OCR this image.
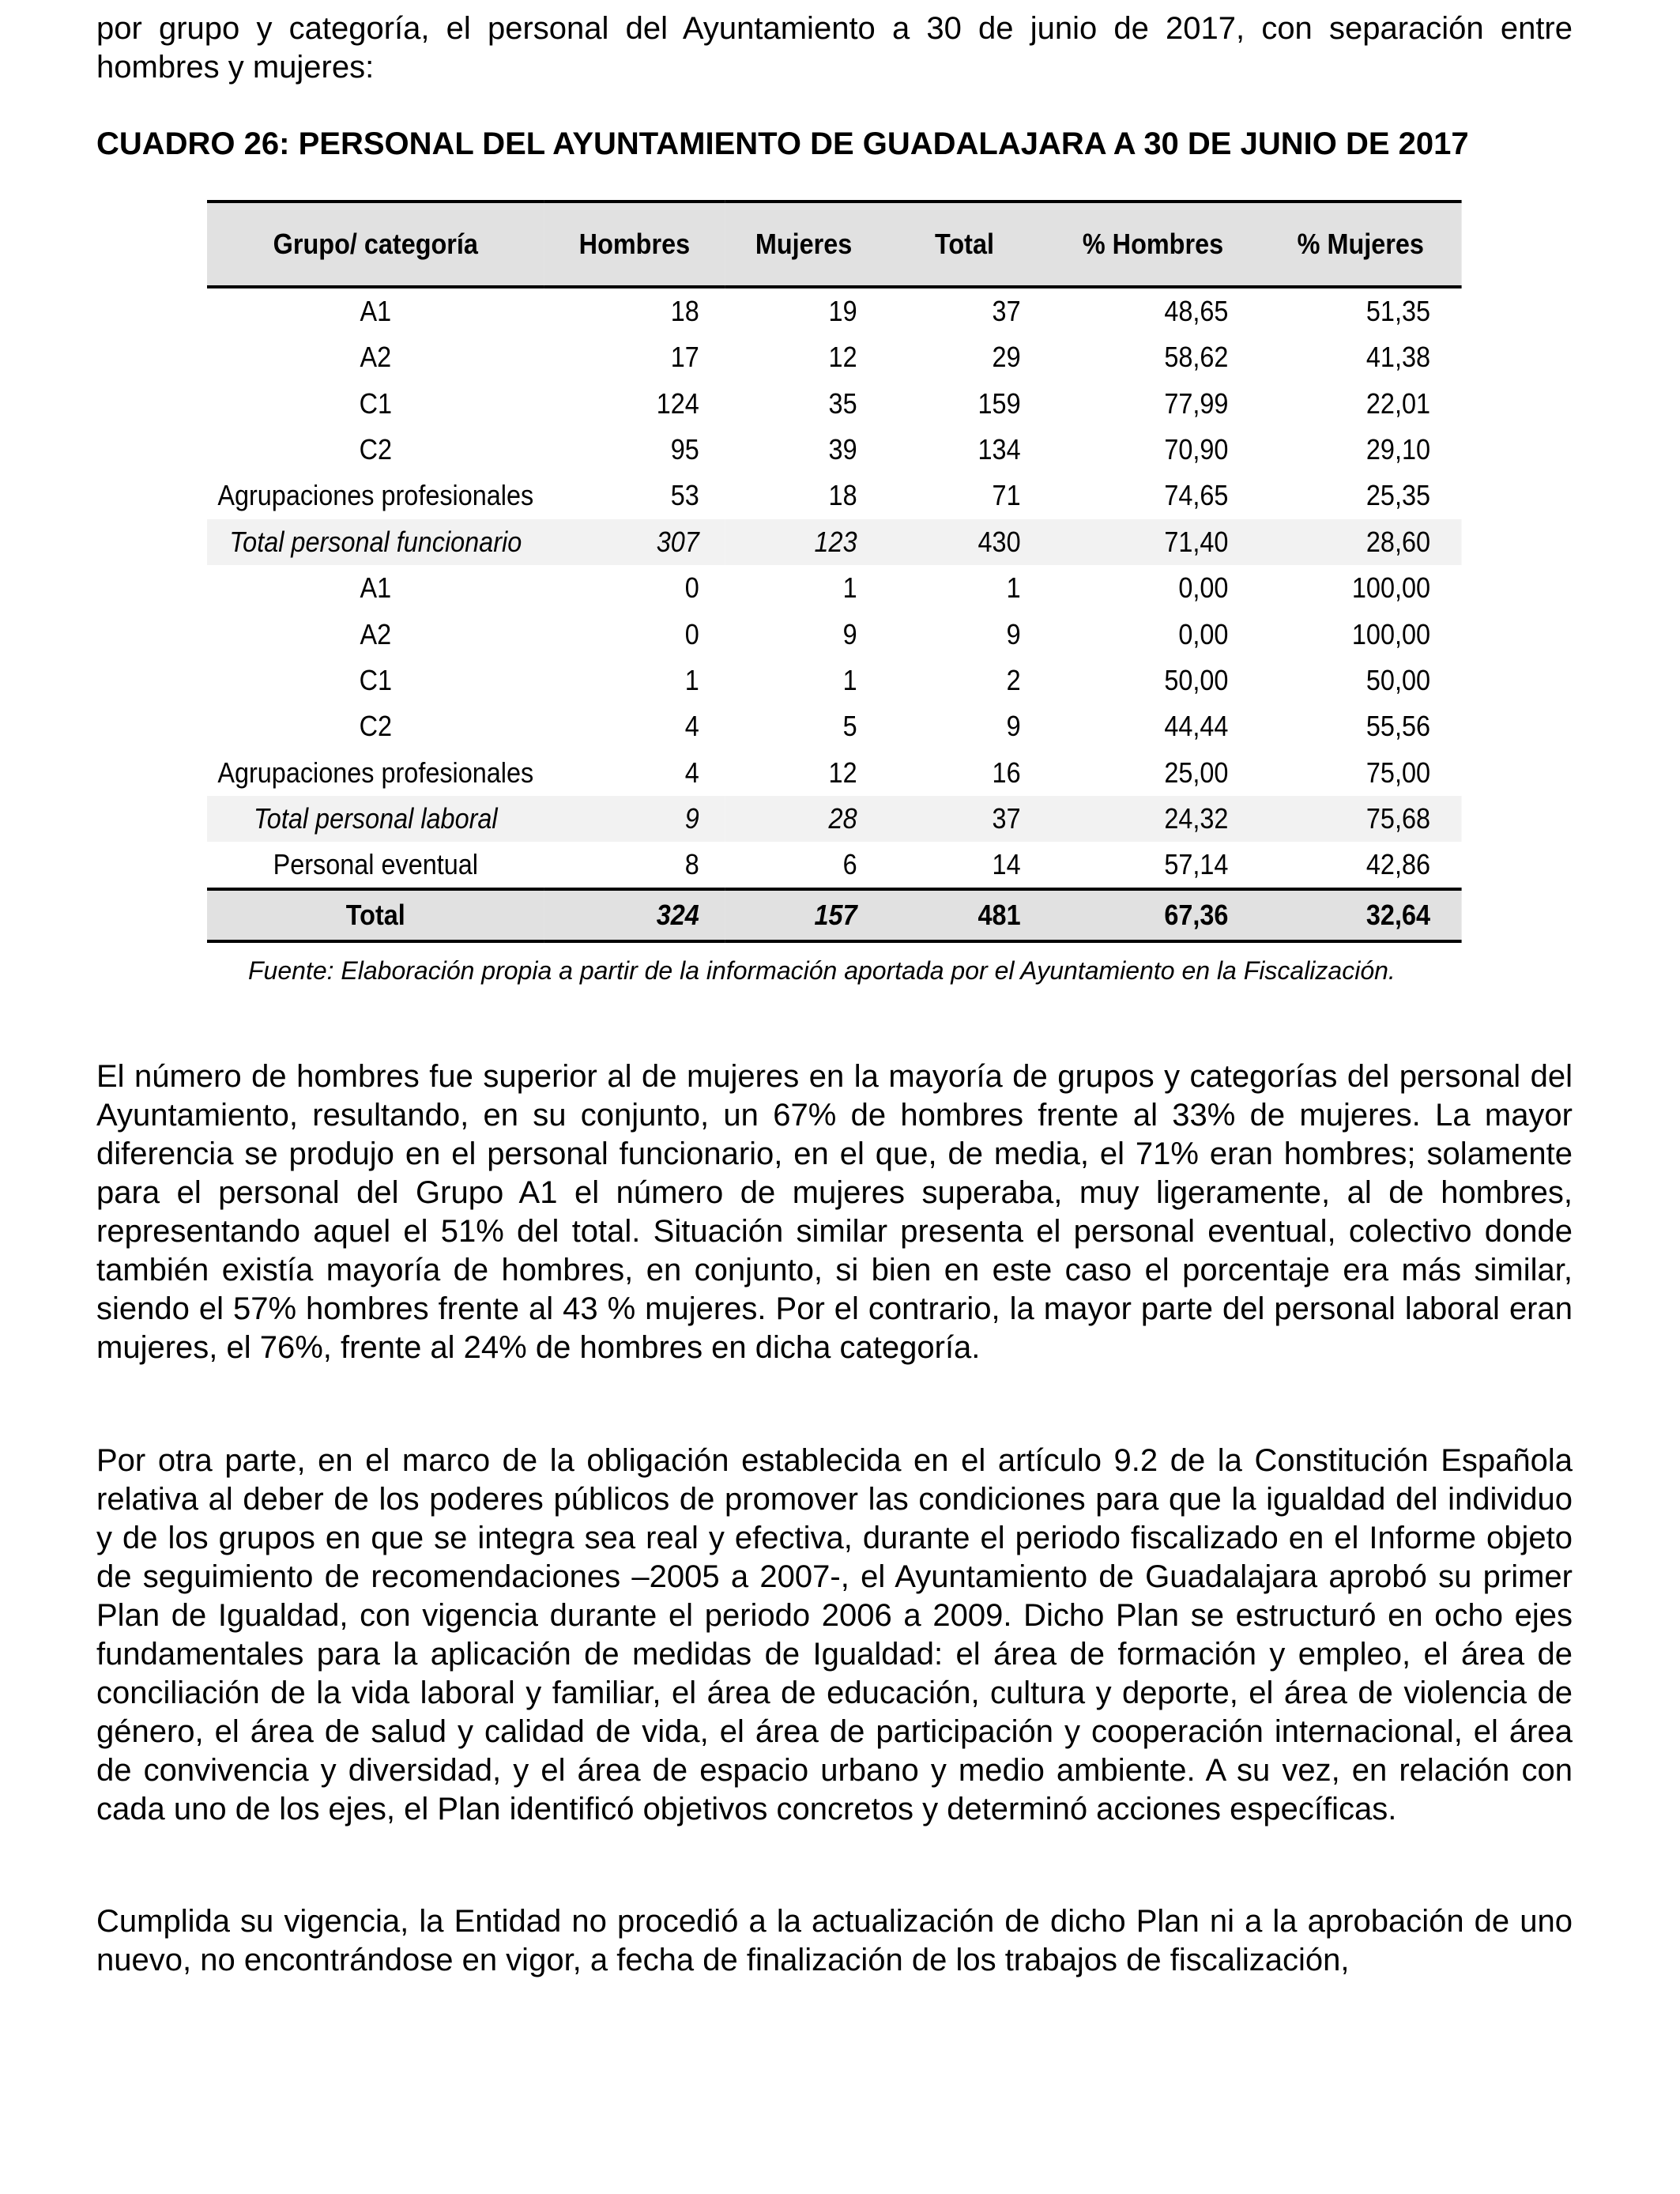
por grupo y categoría, el personal del Ayuntamiento a 30 de junio de 2017, con separación entre hombres y mujeres:

CUADRO 26: PERSONAL DEL AYUNTAMIENTO DE GUADALAJARA A 30 DE JUNIO DE 2017

Grupo/ categoría	Hombres	Mujeres	Total	% Hombres	% Mujeres
A1	18	19	37	48,65	51,35
A2	17	12	29	58,62	41,38
C1	124	35	159	77,99	22,01
C2	95	39	134	70,90	29,10
Agrupaciones profesionales	53	18	71	74,65	25,35
Total personal funcionario	307	123	430	71,40	28,60
A1	0	1	1	0,00	100,00
A2	0	9	9	0,00	100,00
C1	1	1	2	50,00	50,00
C2	4	5	9	44,44	55,56
Agrupaciones profesionales	4	12	16	25,00	75,00
Total personal laboral	9	28	37	24,32	75,68
Personal eventual	8	6	14	57,14	42,86
Total	324	157	481	67,36	32,64

Fuente: Elaboración propia a partir de la información aportada por el Ayuntamiento en la Fiscalización.

El número de hombres fue superior al de mujeres en la mayoría de grupos y categorías del personal del Ayuntamiento, resultando, en su conjunto, un 67% de hombres frente al 33% de mujeres. La mayor diferencia se produjo en el personal funcionario, en el que, de media, el 71% eran hombres; solamente para el personal del Grupo A1 el número de mujeres superaba, muy ligeramente, al de hombres, representando aquel el 51% del total. Situación similar presenta el personal eventual, colectivo donde también existía mayoría de hombres, en conjunto, si bien en este caso el porcentaje era más similar, siendo el 57% hombres frente al 43 % mujeres. Por el contrario, la mayor parte del personal laboral eran mujeres, el 76%, frente al 24% de hombres en dicha categoría.

Por otra parte, en el marco de la obligación establecida en el artículo 9.2 de la Constitución Española relativa al deber de los poderes públicos de promover las condiciones para que la igualdad del individuo y de los grupos en que se integra sea real y efectiva, durante el periodo fiscalizado en el Informe objeto de seguimiento de recomendaciones –2005 a 2007-, el Ayuntamiento de Guadalajara aprobó su primer Plan de Igualdad, con vigencia durante el periodo 2006 a 2009. Dicho Plan se estructuró en ocho ejes fundamentales para la aplicación de medidas de Igualdad: el área de formación y empleo, el área de conciliación de la vida laboral y familiar, el área de educación, cultura y deporte, el área de violencia de género, el área de salud y calidad de vida, el área de participación y cooperación internacional, el área de convivencia y diversidad, y el área de espacio urbano y medio ambiente. A su vez, en relación con cada uno de los ejes, el Plan identificó objetivos concretos y determinó acciones específicas.

Cumplida su vigencia, la Entidad no procedió a la actualización de dicho Plan ni a la aprobación de uno nuevo, no encontrándose en vigor, a fecha de finalización de los trabajos de fiscalización,
